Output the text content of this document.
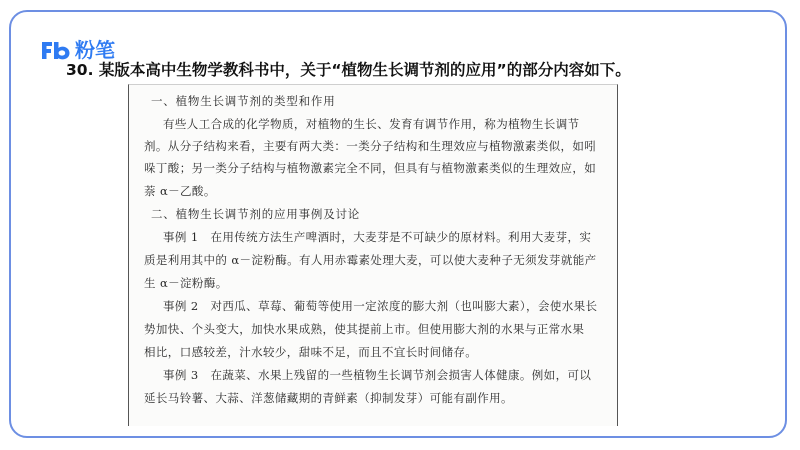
粉笔
30. 某版本高中生物学教科书中，关于“植物生长调节剂的应用”的部分内容如下。
一、植物生长调节剂的类型和作用
有些人工合成的化学物质，对植物的生长、发育有调节作用，称为植物生长调节
剂。从分子结构来看，主要有两大类：一类分子结构和生理效应与植物激素类似，如吲
哚丁酸；另一类分子结构与植物激素完全不同，但具有与植物激素类似的生理效应，如
萘 α－乙酸。
二、植物生长调节剂的应用事例及讨论
事例 1　在用传统方法生产啤酒时，大麦芽是不可缺少的原材料。利用大麦芽，实
质是利用其中的 α－淀粉酶。有人用赤霉素处理大麦，可以使大麦种子无须发芽就能产
生 α－淀粉酶。
事例 2　对西瓜、草莓、葡萄等使用一定浓度的膨大剂（也叫膨大素），会使水果长
势加快、个头变大，加快水果成熟，使其提前上市。但使用膨大剂的水果与正常水果
相比，口感较差，汁水较少，甜味不足，而且不宜长时间储存。
事例 3　在蔬菜、水果上残留的一些植物生长调节剂会损害人体健康。例如，可以
延长马铃薯、大蒜、洋葱储藏期的青鲜素（抑制发芽）可能有副作用。
